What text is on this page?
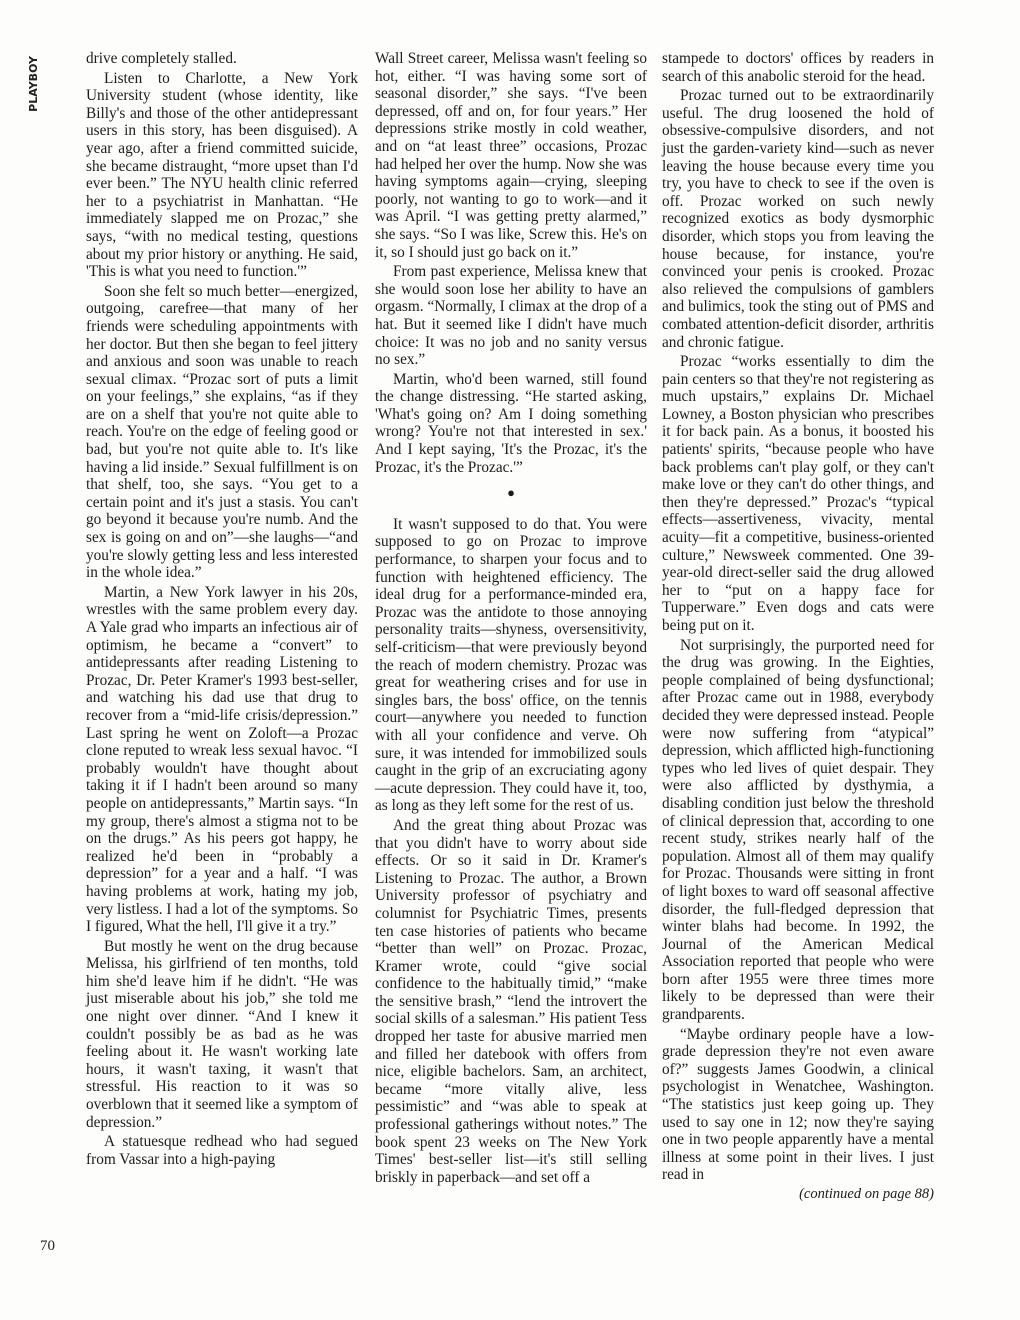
PLAYBOY
70

drive completely stalled.

Listen to Charlotte, a New York University student (whose identity, like Billy's and those of the other antidepressant users in this story, has been disguised). A year ago, after a friend committed suicide, she became distraught, “more upset than I'd ever been.” The NYU health clinic referred her to a psychiatrist in Manhattan. “He immediately slapped me on Prozac,” she says, “with no medical testing, questions about my prior history or anything. He said, 'This is what you need to function.'”

Soon she felt so much better—energized, outgoing, carefree—that many of her friends were scheduling appointments with her doctor. But then she began to feel jittery and anxious and soon was unable to reach sexual climax. “Prozac sort of puts a limit on your feelings,” she explains, “as if they are on a shelf that you're not quite able to reach. You're on the edge of feeling good or bad, but you're not quite able to. It's like having a lid inside.” Sexual fulfillment is on that shelf, too, she says. “You get to a certain point and it's just a stasis. You can't go beyond it because you're numb. And the sex is going on and on”—she laughs—“and you're slowly getting less and less interested in the whole idea.”

Martin, a New York lawyer in his 20s, wrestles with the same problem every day. A Yale grad who imparts an infectious air of optimism, he became a “convert” to antidepressants after reading Listening to Prozac, Dr. Peter Kramer's 1993 best-seller, and watching his dad use that drug to recover from a “mid-life crisis/depression.” Last spring he went on Zoloft—a Prozac clone reputed to wreak less sexual havoc. “I probably wouldn't have thought about taking it if I hadn't been around so many people on antidepressants,” Martin says. “In my group, there's almost a stigma not to be on the drugs.” As his peers got happy, he realized he'd been in “probably a depression” for a year and a half. “I was having problems at work, hating my job, very listless. I had a lot of the symptoms. So I figured, What the hell, I'll give it a try.”

But mostly he went on the drug because Melissa, his girlfriend of ten months, told him she'd leave him if he didn't. “He was just miserable about his job,” she told me one night over dinner. “And I knew it couldn't possibly be as bad as he was feeling about it. He wasn't working late hours, it wasn't taxing, it wasn't that stressful. His reaction to it was so overblown that it seemed like a symptom of depression.”

A statuesque redhead who had segued from Vassar into a high-paying

Wall Street career, Melissa wasn't feeling so hot, either. “I was having some sort of seasonal disorder,” she says. “I've been depressed, off and on, for four years.” Her depressions strike mostly in cold weather, and on “at least three” occasions, Prozac had helped her over the hump. Now she was having symptoms again—crying, sleeping poorly, not wanting to go to work—and it was April. “I was getting pretty alarmed,” she says. “So I was like, Screw this. He's on it, so I should just go back on it.”

From past experience, Melissa knew that she would soon lose her ability to have an orgasm. “Normally, I climax at the drop of a hat. But it seemed like I didn't have much choice: It was no job and no sanity versus no sex.”

Martin, who'd been warned, still found the change distressing. “He started asking, 'What's going on? Am I doing something wrong? You're not that interested in sex.' And I kept saying, 'It's the Prozac, it's the Prozac, it's the Prozac.'”

●

It wasn't supposed to do that. You were supposed to go on Prozac to improve performance, to sharpen your focus and to function with heightened efficiency. The ideal drug for a performance-minded era, Prozac was the antidote to those annoying personality traits—shyness, oversensitivity, self-criticism—that were previously beyond the reach of modern chemistry. Prozac was great for weathering crises and for use in singles bars, the boss' office, on the tennis court—anywhere you needed to function with all your confidence and verve. Oh sure, it was intended for immobilized souls caught in the grip of an excruciating agony—acute depression. They could have it, too, as long as they left some for the rest of us.

And the great thing about Prozac was that you didn't have to worry about side effects. Or so it said in Dr. Kramer's Listening to Prozac. The author, a Brown University professor of psychiatry and columnist for Psychiatric Times, presents ten case histories of patients who became “better than well” on Prozac. Prozac, Kramer wrote, could “give social confidence to the habitually timid,” “make the sensitive brash,” “lend the introvert the social skills of a salesman.” His patient Tess dropped her taste for abusive married men and filled her datebook with offers from nice, eligible bachelors. Sam, an architect, became “more vitally alive, less pessimistic” and “was able to speak at professional gatherings without notes.” The book spent 23 weeks on The New York Times' best-seller list—it's still selling briskly in paperback—and set off a

stampede to doctors' offices by readers in search of this anabolic steroid for the head.

Prozac turned out to be extraordinarily useful. The drug loosened the hold of obsessive-compulsive disorders, and not just the garden-variety kind—such as never leaving the house because every time you try, you have to check to see if the oven is off. Prozac worked on such newly recognized exotics as body dysmorphic disorder, which stops you from leaving the house because, for instance, you're convinced your penis is crooked. Prozac also relieved the compulsions of gamblers and bulimics, took the sting out of PMS and combated attention-deficit disorder, arthritis and chronic fatigue.

Prozac “works essentially to dim the pain centers so that they're not registering as much upstairs,” explains Dr. Michael Lowney, a Boston physician who prescribes it for back pain. As a bonus, it boosted his patients' spirits, “because people who have back problems can't play golf, or they can't make love or they can't do other things, and then they're depressed.” Prozac's “typical effects—assertiveness, vivacity, mental acuity—fit a competitive, business-oriented culture,” Newsweek commented. One 39-year-old direct-seller said the drug allowed her to “put on a happy face for Tupperware.” Even dogs and cats were being put on it.

Not surprisingly, the purported need for the drug was growing. In the Eighties, people complained of being dysfunctional; after Prozac came out in 1988, everybody decided they were depressed instead. People were now suffering from “atypical” depression, which afflicted high-functioning types who led lives of quiet despair. They were also afflicted by dysthymia, a disabling condition just below the threshold of clinical depression that, according to one recent study, strikes nearly half of the population. Almost all of them may qualify for Prozac. Thousands were sitting in front of light boxes to ward off seasonal affective disorder, the full-fledged depression that winter blahs had become. In 1992, the Journal of the American Medical Association reported that people who were born after 1955 were three times more likely to be depressed than were their grandparents.

“Maybe ordinary people have a low-grade depression they're not even aware of?” suggests James Goodwin, a clinical psychologist in Wenatchee, Washington. “The statistics just keep going up. They used to say one in 12; now they're saying one in two people apparently have a mental illness at some point in their lives. I just read in

(continued on page 88)
